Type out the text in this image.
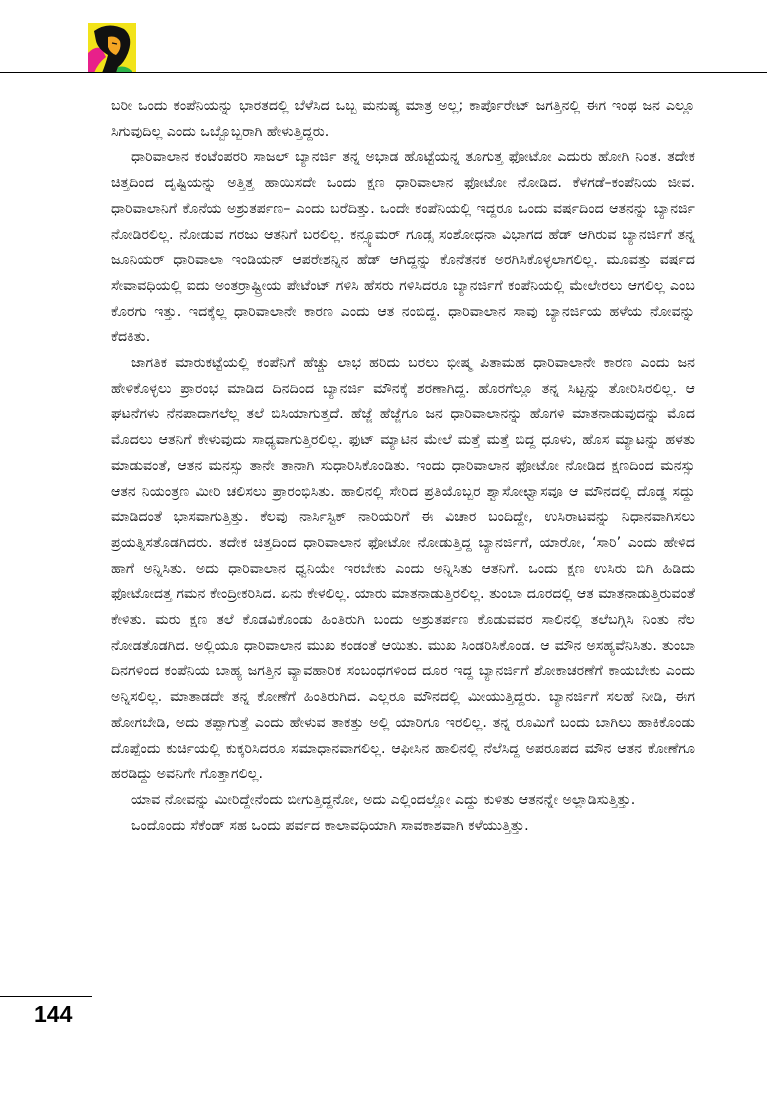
ಬರೀ ಒಂದು ಕಂಪೆನಿಯನ್ನು ಭಾರತದಲ್ಲಿ ಬೆಳೆಸಿದ ಒಬ್ಬ ಮನುಷ್ಯ ಮಾತ್ರ ಅಲ್ಲ; ಕಾರ್ಪೊರೇಟ್ ಜಗತ್ತಿನಲ್ಲಿ ಈಗ ಇಂಥ ಜನ ಎಲ್ಲೂ ಸಿಗುವುದಿಲ್ಲ ಎಂದು ಒಬ್ಬೊಬ್ಬರಾಗಿ ಹೇಳುತ್ತಿದ್ದರು.

ಧಾರಿವಾಲಾನ ಕಂಟೆಂಪರರಿ ಸಾಜಲ್ ಬ್ಯಾನರ್ಜಿ ತನ್ನ ಅಭಾಡ ಹೊಟ್ಟೆಯನ್ನ ತೂಗುತ್ತ ಫೋಟೋ ಎದುರು ಹೋಗಿ ನಿಂತ. ತದೇಕ ಚಿತ್ತದಿಂದ ದೃಷ್ಟಿಯನ್ನು ಅತ್ತಿತ್ತ ಹಾಯಿಸದೇ ಒಂದು ಕ್ಷಣ ಧಾರಿವಾಲಾನ ಫೋಟೋ ನೋಡಿದ. ಕೆಳಗಡೆ–ಕಂಪೆನಿಯ ಜೀವ. ಧಾರಿವಾಲಾನಿಗೆ ಕೊನೆಯ ಅಶ್ರುತರ್ಪಣ– ಎಂದು ಬರೆದಿತ್ತು. ಒಂದೇ ಕಂಪೆನಿಯಲ್ಲಿ ಇದ್ದರೂ ಒಂದು ವರ್ಷದಿಂದ ಆತನನ್ನು ಬ್ಯಾನರ್ಜಿ ನೋಡಿರಲಿಲ್ಲ. ನೋಡುವ ಗರಜು ಆತನಿಗೆ ಬರಲಿಲ್ಲ. ಕನ್ಸ್ಯೂಮರ್ ಗೂಡ್ಸ ಸಂಶೋಧನಾ ವಿಭಾಗದ ಹೆಡ್ ಆಗಿರುವ ಬ್ಯಾನರ್ಜಿಗೆ ತನ್ನ ಜೂನಿಯರ್ ಧಾರಿವಾಲಾ ಇಂಡಿಯನ್ ಆಪರೇಶನ್ನಿನ ಹೆಡ್ ಆಗಿದ್ದನ್ನು ಕೊನೆತನಕ ಅರಗಿಸಿಕೊಳ್ಳಲಾಗಲಿಲ್ಲ. ಮೂವತ್ತು ವರ್ಷದ ಸೇವಾವಧಿಯಲ್ಲಿ ಐದು ಅಂತರ್ರಾಷ್ಟ್ರೀಯ ಪೇಟೆಂಟ್ ಗಳಿಸಿ ಹೆಸರು ಗಳಿಸಿದರೂ ಬ್ಯಾನರ್ಜಿಗೆ ಕಂಪೆನಿಯಲ್ಲಿ ಮೇಲೇರಲು ಆಗಲಿಲ್ಲ ಎಂಬ ಕೊರಗು ಇತ್ತು. ಇದಕ್ಕೆಲ್ಲ ಧಾರಿವಾಲಾನೇ ಕಾರಣ ಎಂದು ಆತ ನಂಬಿದ್ದ. ಧಾರಿವಾಲಾನ ಸಾವು ಬ್ಯಾನರ್ಜಿಯ ಹಳೆಯ ನೋವನ್ನು ಕೆದಕಿತು.

ಜಾಗತಿಕ ಮಾರುಕಟ್ಟೆಯಲ್ಲಿ ಕಂಪೆನಿಗೆ ಹೆಚ್ಚು ಲಾಭ ಹರಿದು ಬರಲು ಭೀಷ್ಮ ಪಿತಾಮಹ ಧಾರಿವಾಲಾನೇ ಕಾರಣ ಎಂದು ಜನ ಹೇಳಿಕೊಳ್ಳಲು ಪ್ರಾರಂಭ ಮಾಡಿದ ದಿನದಿಂದ ಬ್ಯಾನರ್ಜಿ ಮೌನಕ್ಕೆ ಶರಣಾಗಿದ್ದ. ಹೊರಗೆಲ್ಲೂ ತನ್ನ ಸಿಟ್ಟನ್ನು ತೋರಿಸಿರಲಿಲ್ಲ. ಆ ಘಟನೆಗಳು ನೆನಪಾದಾಗಲೆಲ್ಲ ತಲೆ ಬಿಸಿಯಾಗುತ್ತದೆ. ಹೆಜ್ಜೆ ಹೆಜ್ಜೆಗೂ ಜನ ಧಾರಿವಾಲಾನನ್ನು ಹೊಗಳಿ ಮಾತನಾಡುವುದನ್ನು ಮೊದ ಮೊದಲು ಆತನಿಗೆ ಕೇಳುವುದು ಸಾಧ್ಯವಾಗುತ್ತಿರಲಿಲ್ಲ. ಫುಟ್ ಮ್ಯಾಟಿನ ಮೇಲೆ ಮತ್ತೆ ಮತ್ತೆ ಬಿದ್ದ ಧೂಳು, ಹೊಸ ಮ್ಯಾಟನ್ನು ಹಳತು ಮಾಡುವಂತೆ, ಆತನ ಮನಸ್ಸು ತಾನೇ ತಾನಾಗಿ ಸುಧಾರಿಸಿಕೊಂಡಿತು. ಇಂದು ಧಾರಿವಾಲಾನ ಫೋಟೋ ನೋಡಿದ ಕ್ಷಣದಿಂದ ಮನಸ್ಸು ಆತನ ನಿಯಂತ್ರಣ ಮೀರಿ ಚಲಿಸಲು ಪ್ರಾರಂಭಿಸಿತು. ಹಾಲಿನಲ್ಲಿ ಸೇರಿದ ಪ್ರತಿಯೊಬ್ಬರ ಶ್ವಾಸೋಛ್ವಾಸವೂ ಆ ಮೌನದಲ್ಲಿ ದೊಡ್ಡ ಸದ್ದು ಮಾಡಿದಂತೆ ಭಾಸವಾಗುತ್ತಿತ್ತು. ಕೆಲವು ನಾರ್ಸಿಸ್ಟಿಕ್ ನಾರಿಯರಿಗೆ ಈ ವಿಚಾರ ಬಂದಿದ್ದೇ, ಉಸಿರಾಟವನ್ನು ನಿಧಾನವಾಗಿಸಲು ಪ್ರಯತ್ನಿಸತೊಡಗಿದರು. ತದೇಕ ಚಿತ್ತದಿಂದ ಧಾರಿವಾಲಾನ ಫೋಟೋ ನೋಡುತ್ತಿದ್ದ ಬ್ಯಾನರ್ಜಿಗೆ, ಯಾರೋ, ‘ಸಾರಿ’ ಎಂದು ಹೇಳಿದ ಹಾಗೆ ಅನ್ನಿಸಿತು. ಅದು ಧಾರಿವಾಲಾನ ಧ್ವನಿಯೇ ಇರಬೇಕು ಎಂದು ಅನ್ನಿಸಿತು ಆತನಿಗೆ. ಒಂದು ಕ್ಷಣ ಉಸಿರು ಬಿಗಿ ಹಿಡಿದು ಫೋಟೋದತ್ತ ಗಮನ ಕೇಂದ್ರೀಕರಿಸಿದ. ಏನು ಕೇಳಲಿಲ್ಲ. ಯಾರು ಮಾತನಾಡುತ್ತಿರಲಿಲ್ಲ. ತುಂಬಾ ದೂರದಲ್ಲಿ ಆತ ಮಾತನಾಡುತ್ತಿರುವಂತೆ ಕೇಳಿತು. ಮರು ಕ್ಷಣ ತಲೆ ಕೊಡವಿಕೊಂಡು ಹಿಂತಿರುಗಿ ಬಂದು ಅಶ್ರುತರ್ಪಣ ಕೊಡುವವರ ಸಾಲಿನಲ್ಲಿ ತಲೆಬಗ್ಗಿಸಿ ನಿಂತು ನೆಲ ನೋಡತೊಡಗಿದ. ಅಲ್ಲಿಯೂ ಧಾರಿವಾಲಾನ ಮುಖ ಕಂಡಂತೆ ಆಯಿತು. ಮುಖ ಸಿಂಡರಿಸಿಕೊಂಡ. ಆ ಮೌನ ಅಸಹ್ಯವೆನಿಸಿತು. ತುಂಬಾ ದಿನಗಳಿಂದ ಕಂಪೆನಿಯ ಬಾಹ್ಯ ಜಗತ್ತಿನ ವ್ಯಾವಹಾರಿಕ ಸಂಬಂಧಗಳಿಂದ ದೂರ ಇದ್ದ ಬ್ಯಾನರ್ಜಿಗೆ ಶೋಕಾಚರಣೆಗೆ ಕಾಯಬೇಕು ಎಂದು ಅನ್ನಿಸಲಿಲ್ಲ. ಮಾತಾಡದೇ ತನ್ನ ಕೋಣೆಗೆ ಹಿಂತಿರುಗಿದ. ಎಲ್ಲರೂ ಮೌನದಲ್ಲಿ ಮೀಯುತ್ತಿದ್ದರು. ಬ್ಯಾನರ್ಜಿಗೆ ಸಲಹೆ ನೀಡಿ, ಈಗ ಹೋಗಬೇಡಿ, ಅದು ತಪ್ಪಾಗುತ್ತೆ ಎಂದು ಹೇಳುವ ತಾಕತ್ತು ಅಲ್ಲಿ ಯಾರಿಗೂ ಇರಲಿಲ್ಲ. ತನ್ನ ರೂಮಿಗೆ ಬಂದು ಬಾಗಿಲು ಹಾಕಿಕೊಂಡು ದೊಪ್ಪೆಂದು ಕುರ್ಚಿಯಲ್ಲಿ ಕುಕ್ಕರಿಸಿದರೂ ಸಮಾಧಾನವಾಗಲಿಲ್ಲ. ಆಫೀಸಿನ ಹಾಲಿನಲ್ಲಿ ನೆಲೆಸಿದ್ದ ಅಪರೂಪದ ಮೌನ ಆತನ ಕೋಣೆಗೂ ಹರಡಿದ್ದು ಅವನಿಗೇ ಗೊತ್ತಾಗಲಿಲ್ಲ.

ಯಾವ ನೋವನ್ನು ಮೀರಿದ್ದೇನೆಂದು ಬೀಗುತ್ತಿದ್ದನೋ, ಅದು ಎಲ್ಲಿಂದಲ್ಲೋ ಎದ್ದು ಕುಳಿತು ಆತನನ್ನೇ ಅಲ್ಲಾಡಿಸುತ್ತಿತ್ತು.

ಒಂದೊಂದು ಸೆಕೆಂಡ್ ಸಹ ಒಂದು ಪರ್ವದ ಕಾಲಾವಧಿಯಾಗಿ ಸಾವಕಾಶವಾಗಿ ಕಳೆಯುತ್ತಿತ್ತು.

144
